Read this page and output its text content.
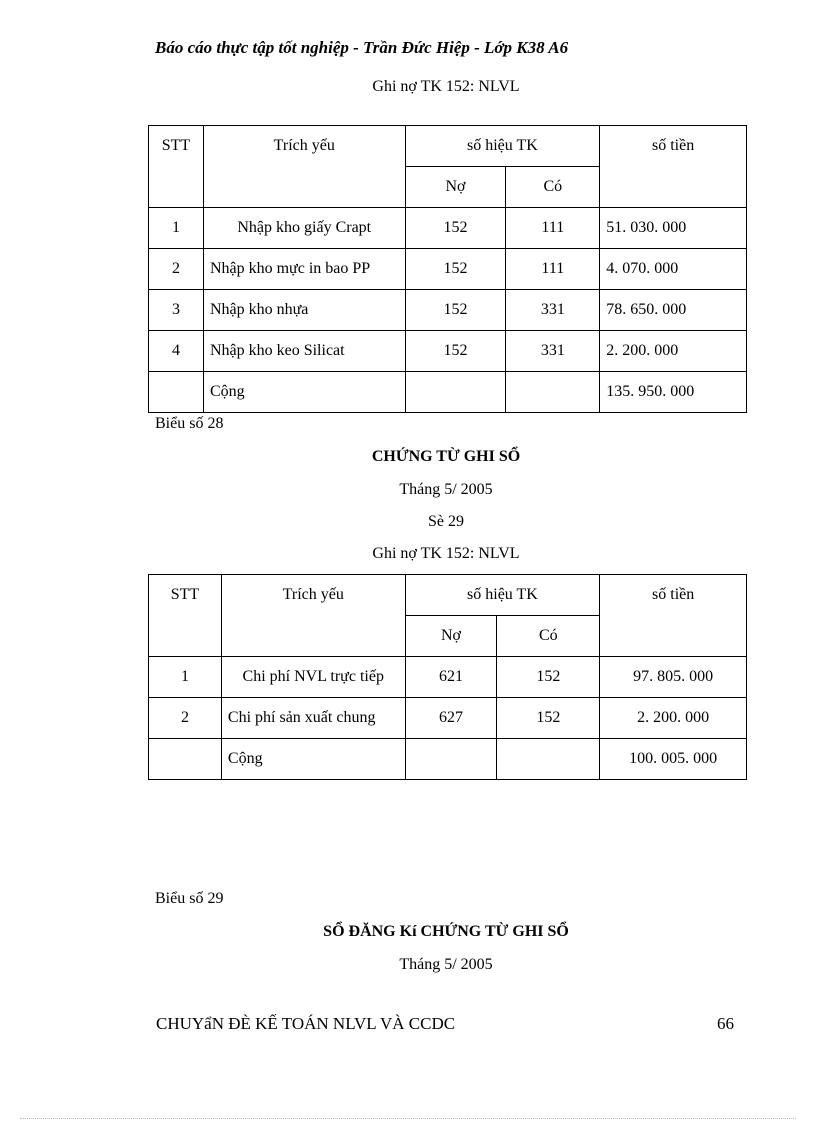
Báo cáo thực tập tốt nghiệp - Trần Đức Hiệp - Lớp K38 A6
Ghi nợ TK 152: NLVL
STT	Trích yếu	số hiệu TK		số tiền
		Nợ	Có	
1	Nhập kho giấy Crapt	152	111	51. 030. 000
2	Nhập kho mực in bao PP	152	111	4. 070. 000
3	Nhập kho nhựa	152	331	78. 650. 000
4	Nhập kho keo Silicat	152	331	2. 200. 000
	Cộng			135. 950. 000
Biểu số 28
CHỨNG TỪ GHI SỔ
Tháng 5/ 2005
Sè 29
Ghi nợ TK 152: NLVL
STT	Trích yếu	số hiệu TK		số tiền
		Nợ	Có	
1	Chi phí NVL trực tiếp	621	152	97. 805. 000
2	Chi phí sản xuất chung	627	152	2. 200. 000
	Cộng			100. 005. 000
Biểu số 29
SỔ ĐĂNG Kí CHỨNG TỪ GHI SỔ
Tháng 5/ 2005
CHUYẩN ĐÈ KẾ TOÁN NLVL VÀ CCDC	66
